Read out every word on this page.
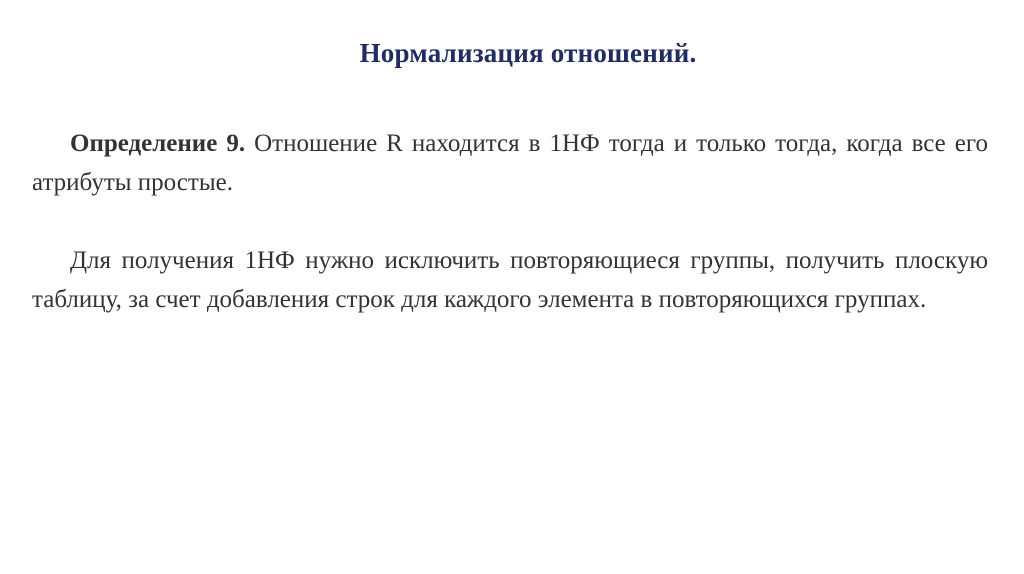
Нормализация отношений.

Определение 9. Отношение R находится в 1НФ тогда и только тогда, когда все его атрибуты простые.

Для получения 1НФ нужно исключить повторяющиеся группы, получить плоскую таблицу, за счет добавления строк для каждого элемента в повторяющихся группах.
